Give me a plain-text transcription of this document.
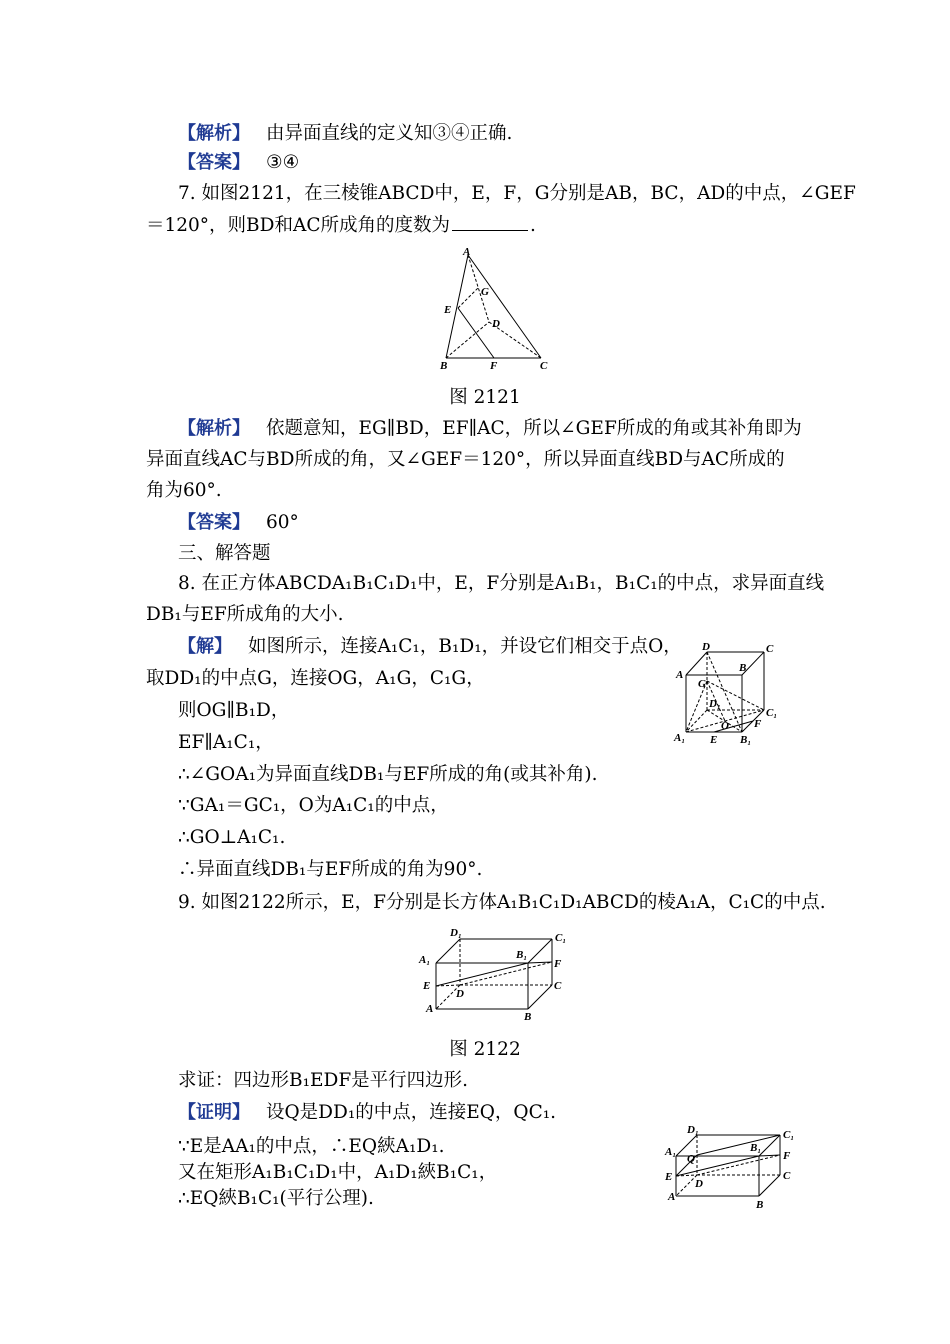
【解析】 由异面直线的定义知③④正确.
【答案】 ③④
7. 如图2121，在三棱锥ABCD中，E，F，G分别是AB，BC，AD的中点，∠GEF
＝120°，则BD和AC所成角的度数为	.
A
G
E
D
B	F	C
图 2121
【解析】 依题意知，EG∥BD，EF∥AC，所以∠GEF所成的角或其补角即为
异面直线AC与BD所成的角，又∠GEF＝120°，所以异面直线BD与AC所成的
角为60°.
【答案】 60°
三、解答题
8. 在正方体ABCDA₁B₁C₁D₁中，E，F分别是A₁B₁，B₁C₁的中点，求异面直线
DB₁与EF所成角的大小.
【解】 如图所示，连接A₁C₁，B₁D₁，并设它们相交于点O，
取DD₁的中点G，连接OG，A₁G，C₁G，
则OG∥B₁D，
EF∥A₁C₁，
∴∠GOA₁为异面直线DB₁与EF所成的角(或其补角).
∵GA₁＝GC₁，O为A₁C₁的中点，
∴GO⊥A₁C₁.
∴异面直线DB₁与EF所成的角为90°.
D	C
B
A
G
D₁
O
C₁
F
A₁ E B₁
9. 如图2122所示，E，F分别是长方体A₁B₁C₁D₁ABCD的棱A₁A，C₁C的中点.
D₁	C₁
A₁	B₁
F
E
D
C
A
B
图 2122
求证：四边形B₁EDF是平行四边形.
【证明】 设Q是DD₁的中点，连接EQ，QC₁.
∵E是AA₁的中点，∴EQ綊A₁D₁.
又在矩形A₁B₁C₁D₁中，A₁D₁綊B₁C₁，
∴EQ綊B₁C₁(平行公理).
D₁	C₁
A₁	B₁
Q	F
E
D
C
A
B
